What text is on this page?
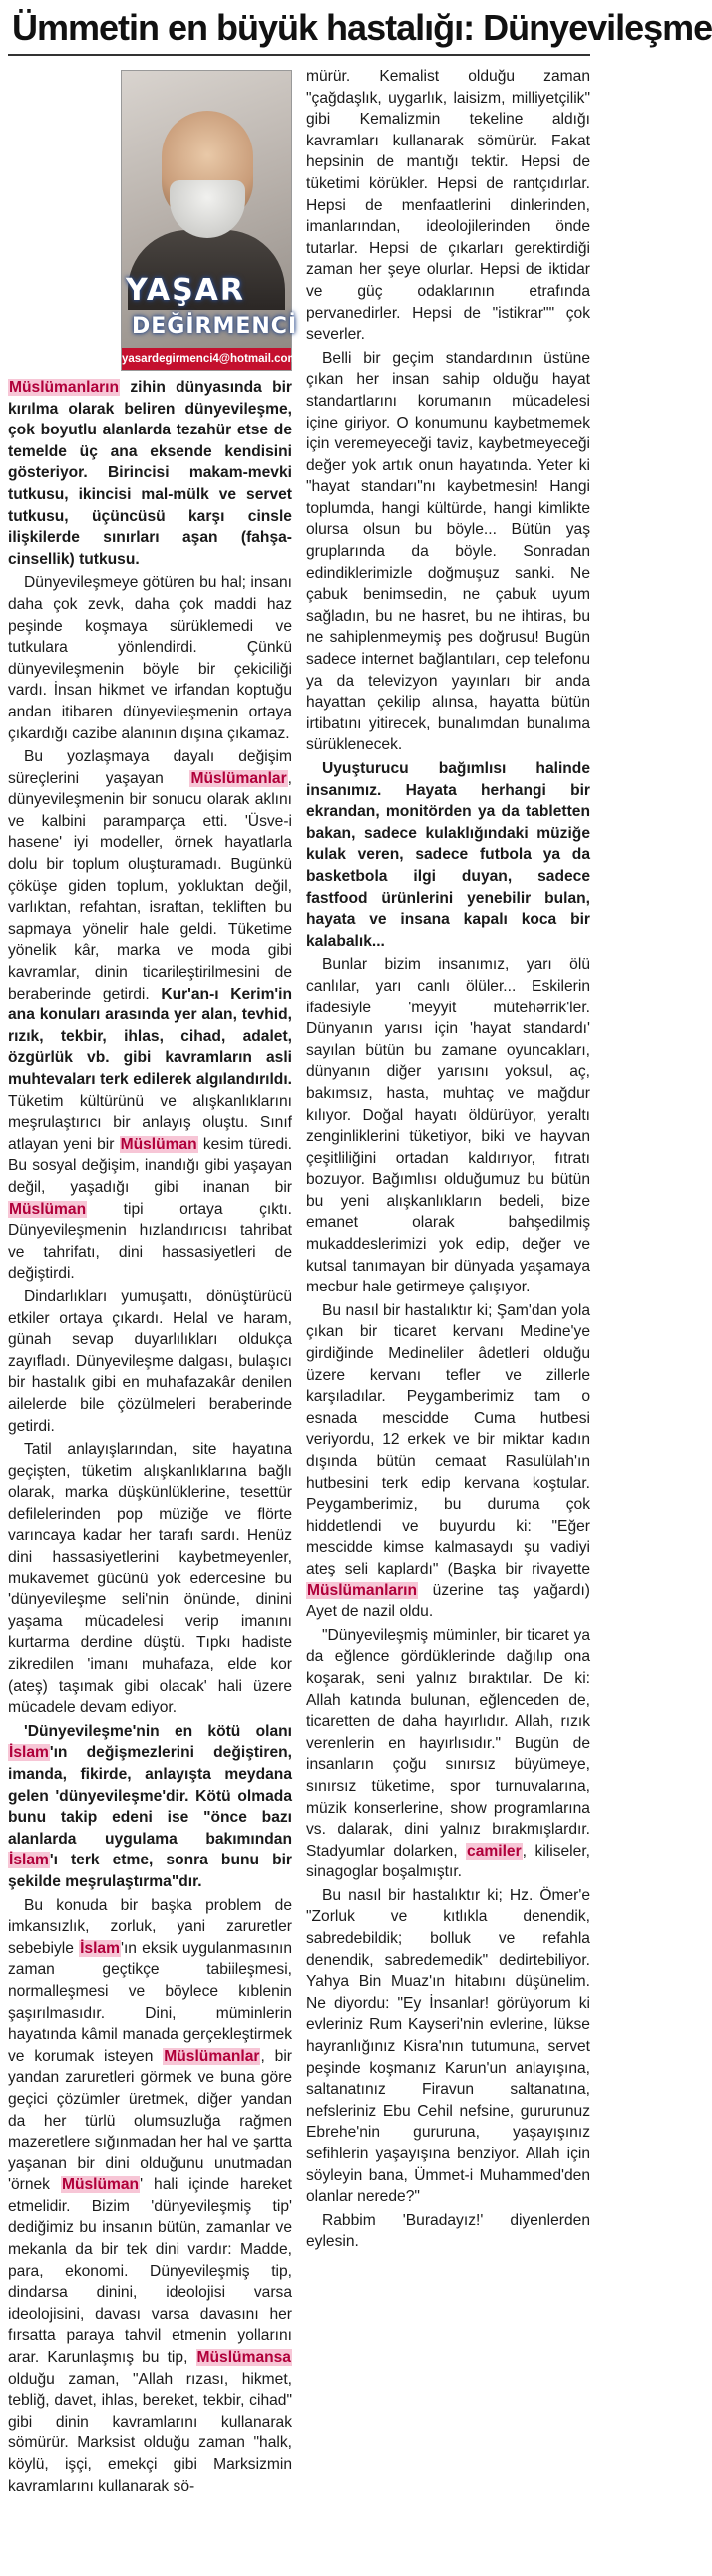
Ümmetin en büyük hastalığı: Dünyevileşme
YAŞAR
DEĞİRMENCİ
yasardegirmenci4@hotmail.com

Müslümanların zihin dünyasında bir kırılma olarak beliren dünyevileşme, çok boyutlu alanlarda tezahür etse de temelde üç ana eksende kendisini gösteriyor. Birincisi makam-mevki tutkusu, ikincisi mal-mülk ve servet tutkusu, üçüncüsü karşı cinsle ilişkilerde sınırları aşan (fahşa-cinsellik) tutkusu.

Dünyevileşmeye götüren bu hal; insanı daha çok zevk, daha çok maddi haz peşinde koşmaya sürüklemedi ve tutkulara yönlendirdi. Çünkü dünyevileşmenin böyle bir çekiciliği vardı. İnsan hikmet ve irfandan koptuğu andan itibaren dünyevileşmenin ortaya çıkardığı cazibe alanının dışına çıkamaz.

Bu yozlaşmaya dayalı değişim süreçlerini yaşayan Müslümanlar, dünyevileşmenin bir sonucu olarak aklını ve kalbini paramparça etti. 'Üsve-i hasene' iyi modeller, örnek hayatlarla dolu bir toplum oluşturamadı. Bugünkü çöküşe giden toplum, yokluktan değil, varlıktan, refahtan, israftan, tekliften bu sapmaya yönelir hale geldi. Tüketime yönelik kâr, marka ve moda gibi kavramlar, dinin ticarileştirilmesini de beraberinde getirdi. Kur'an-ı Kerim'in ana konuları arasında yer alan, tevhid, rızık, tekbir, ihlas, cihad, adalet, özgürlük vb. gibi kavramların asli muhtevaları terk edilerek algılandırıldı. Tüketim kültürünü ve alışkanlıklarını meşrulaştırıcı bir anlayış oluştu. Sınıf atlayan yeni bir Müslüman kesim türedi. Bu sosyal değişim, inandığı gibi yaşayan değil, yaşadığı gibi inanan bir Müslüman tipi ortaya çıktı. Dünyevileşmenin hızlandırıcısı tahribat ve tahrifatı, dini hassasiyetleri de değiştirdi.

Dindarlıkları yumuşattı, dönüştürücü etkiler ortaya çıkardı. Helal ve haram, günah sevap duyarlılıkları oldukça zayıfladı. Dünyevileşme dalgası, bulaşıcı bir hastalık gibi en muhafazakâr denilen ailelerde bile çözülmeleri beraberinde getirdi.

Tatil anlayışlarından, site hayatına geçişten, tüketim alışkanlıklarına bağlı olarak, marka düşkünlüklerine, tesettür defilelerinden pop müziğe ve flörte varıncaya kadar her tarafı sardı. Henüz dini hassasiyetlerini kaybetmeyenler, mukavemet gücünü yok edercesine bu 'dünyevileşme seli'nin önünde, dinini yaşama mücadelesi verip imanını kurtarma derdine düştü. Tıpkı hadiste zikredilen 'imanı muhafaza, elde kor (ateş) taşımak gibi olacak' hali üzere mücadele devam ediyor.

'Dünyevileşme'nin en kötü olanı İslam'ın değişmezlerini değiştiren, imanda, fikirde, anlayışta meydana gelen 'dünyevileşme'dir. Kötü olmada bunu takip edeni ise "önce bazı alanlarda uygulama bakımından İslam'ı terk etme, sonra bunu bir şekilde meşrulaştırma"dır.

Bu konuda bir başka problem de imkansızlık, zorluk, yani zaruretler sebebiyle İslam'ın eksik uygulanmasının zaman geçtikçe tabiileşmesi, normalleşmesi ve böylece kıblenin şaşırılmasıdır. Dini, müminlerin hayatında kâmil manada gerçekleştirmek ve korumak isteyen Müslümanlar, bir yandan zaruretleri görmek ve buna göre geçici çözümler üretmek, diğer yandan da her türlü olumsuzluğa rağmen mazeretlere sığınmadan her hal ve şartta yaşanan bir dini olduğunu unutmadan 'örnek Müslüman' hali içinde hareket etmelidir. Bizim 'dünyevileşmiş tip' dediğimiz bu insanın bütün, zamanlar ve mekanla da bir tek dini vardır: Madde, para, ekonomi. Dünyevileşmiş tip, dindarsa dinini, ideolojisi varsa ideolojisini, davası varsa davasını her fırsatta paraya tahvil etmenin yollarını arar. Karunlaşmış bu tip, Müslümansa olduğu zaman, "Allah rızası, hikmet, tebliğ, davet, ihlas, bereket, tekbir, cihad" gibi dinin kavramlarını kullanarak sömürür. Marksist olduğu zaman "halk, köylü, işçi, emekçi gibi Marksizmin kavramlarını kullanarak sö-

mürür. Kemalist olduğu zaman "çağdaşlık, uygarlık, laisizm, milliyetçilik" gibi Kemalizmin tekeline aldığı kavramları kullanarak sömürür. Fakat hepsinin de mantığı tektir. Hepsi de tüketimi körükler. Hepsi de rantçıdırlar. Hepsi de menfaatlerini dinlerinden, imanlarından, ideolojilerinden önde tutarlar. Hepsi de çıkarları gerektirdiği zaman her şeye olurlar. Hepsi de iktidar ve güç odaklarının etrafında pervanedirler. Hepsi de "istikrar"" çok severler.

Belli bir geçim standardının üstüne çıkan her insan sahip olduğu hayat standartlarını korumanın mücadelesi içine giriyor. O konumunu kaybetmemek için veremeyeceği taviz, kaybetmeyeceği değer yok artık onun hayatında. Yeter ki "hayat standarı"nı kaybetmesin! Hangi toplumda, hangi kültürde, hangi kimlikte olursa olsun bu böyle... Bütün yaş gruplarında da böyle. Sonradan edindiklerimizle doğmuşuz sanki. Ne çabuk benimsedin, ne çabuk uyum sağladın, bu ne hasret, bu ne ihtiras, bu ne sahiplenmeymiş pes doğrusu! Bugün sadece internet bağlantıları, cep telefonu ya da televizyon yayınları bir anda hayattan çekilip alınsa, hayatta bütün irtibatını yitirecek, bunalımdan bunalıma sürüklenecek.

Uyuşturucu bağımlısı halinde insanımız. Hayata herhangi bir ekrandan, monitörden ya da tabletten bakan, sadece kulaklığındaki müziğe kulak veren, sadece futbola ya da basketbola ilgi duyan, sadece fastfood ürünlerini yenebilir bulan, hayata ve insana kapalı koca bir kalabalık...

Bunlar bizim insanımız, yarı ölü canlılar, yarı canlı ölüler... Eskilerin ifadesiyle 'meyyit mütehərrik'ler. Dünyanın yarısı için 'hayat standardı' sayılan bütün bu zamane oyuncakları, dünyanın diğer yarısını yoksul, aç, bakımsız, hasta, muhtaç ve mağdur kılıyor. Doğal hayatı öldürüyor, yeraltı zenginliklerini tüketiyor, biki ve hayvan çeşitliliğini ortadan kaldırıyor, fıtratı bozuyor. Bağımlısı olduğumuz bu bütün bu yeni alışkanlıkların bedeli, bize emanet olarak bahşedilmiş mukaddeslerimizi yok edip, değer ve kutsal tanımayan bir dünyada yaşamaya mecbur hale getirmeye çalışıyor.

Bu nasıl bir hastalıktır ki; Şam'dan yola çıkan bir ticaret kervanı Medine'ye girdiğinde Medineliler âdetleri olduğu üzere kervanı tefler ve zillerle karşıladılar. Peygamberimiz tam o esnada mescidde Cuma hutbesi veriyordu, 12 erkek ve bir miktar kadın dışında bütün cemaat Rasulülah'ın hutbesini terk edip kervana koştular. Peygamberimiz, bu duruma çok hiddetlendi ve buyurdu ki: "Eğer mescidde kimse kalmasaydı şu vadiyi ateş seli kaplardı" (Başka bir rivayette Müslümanların üzerine taş yağardı) Ayet de nazil oldu.

"Dünyevileşmiş müminler, bir ticaret ya da eğlence gördüklerinde dağılıp ona koşarak, seni yalnız bıraktılar. De ki: Allah katında bulunan, eğlenceden de, ticaretten de daha hayırlıdır. Allah, rızık verenlerin en hayırlısıdır." Bugün de insanların çoğu sınırsız büyümeye, sınırsız tüketime, spor turnuvalarına, müzik konserlerine, show programlarına vs. dalarak, dini yalnız bırakmışlardır. Stadyumlar dolarken, camiler, kiliseler, sinagoglar boşalmıştır.

Bu nasıl bir hastalıktır ki; Hz. Ömer'e "Zorluk ve kıtlıkla denendik, sabredebildik; bolluk ve refahla denendik, sabredemedik" dedirtebiliyor. Yahya Bin Muaz'ın hitabını düşünelim. Ne diyordu: "Ey İnsanlar! görüyorum ki evleriniz Rum Kayseri'nin evlerine, lükse hayranlığınız Kisra'nın tutumuna, servet peşinde koşmanız Karun'un anlayışına, saltanatınız Firavun saltanatına, nefsleriniz Ebu Cehil nefsine, gururunuz Ebrehe'nin gururuna, yaşayışınız sefihlerin yaşayışına benziyor. Allah için söyleyin bana, Ümmet-i Muhammed'den olanlar nerede?"

Rabbim 'Buradayız!' diyenlerden eylesin.
